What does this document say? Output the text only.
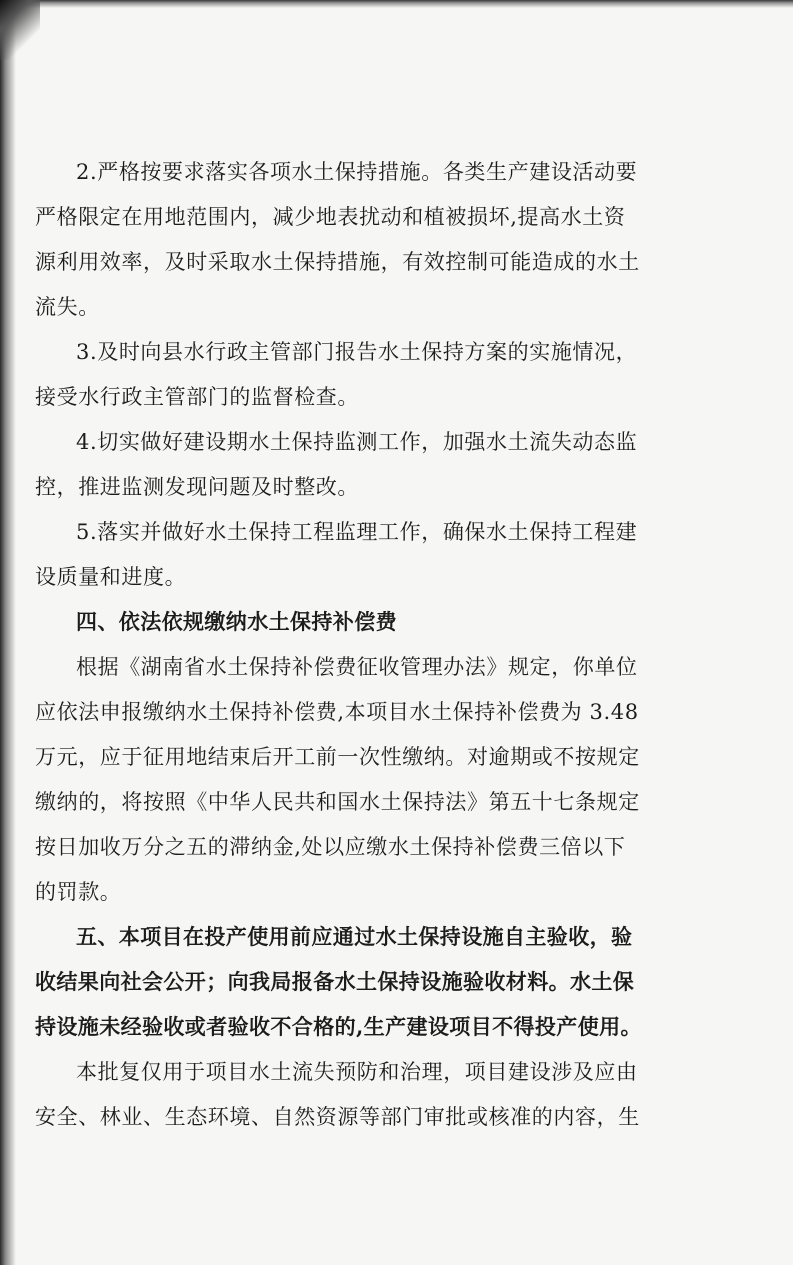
2.严格按要求落实各项水土保持措施。各类生产建设活动要
严格限定在用地范围内，减少地表扰动和植被损坏,提高水土资
源利用效率，及时采取水土保持措施，有效控制可能造成的水土
流失。
3.及时向县水行政主管部门报告水土保持方案的实施情况，
接受水行政主管部门的监督检查。
4.切实做好建设期水土保持监测工作，加强水土流失动态监
控，推进监测发现问题及时整改。
5.落实并做好水土保持工程监理工作，确保水土保持工程建
设质量和进度。
四、依法依规缴纳水土保持补偿费
根据《湖南省水土保持补偿费征收管理办法》规定，你单位
应依法申报缴纳水土保持补偿费,本项目水土保持补偿费为 3.48
万元，应于征用地结束后开工前一次性缴纳。对逾期或不按规定
缴纳的，将按照《中华人民共和国水土保持法》第五十七条规定
按日加收万分之五的滞纳金,处以应缴水土保持补偿费三倍以下
的罚款。
五、本项目在投产使用前应通过水土保持设施自主验收，验
收结果向社会公开；向我局报备水土保持设施验收材料。水土保
持设施未经验收或者验收不合格的,生产建设项目不得投产使用。
本批复仅用于项目水土流失预防和治理，项目建设涉及应由
安全、林业、生态环境、自然资源等部门审批或核准的内容，生
